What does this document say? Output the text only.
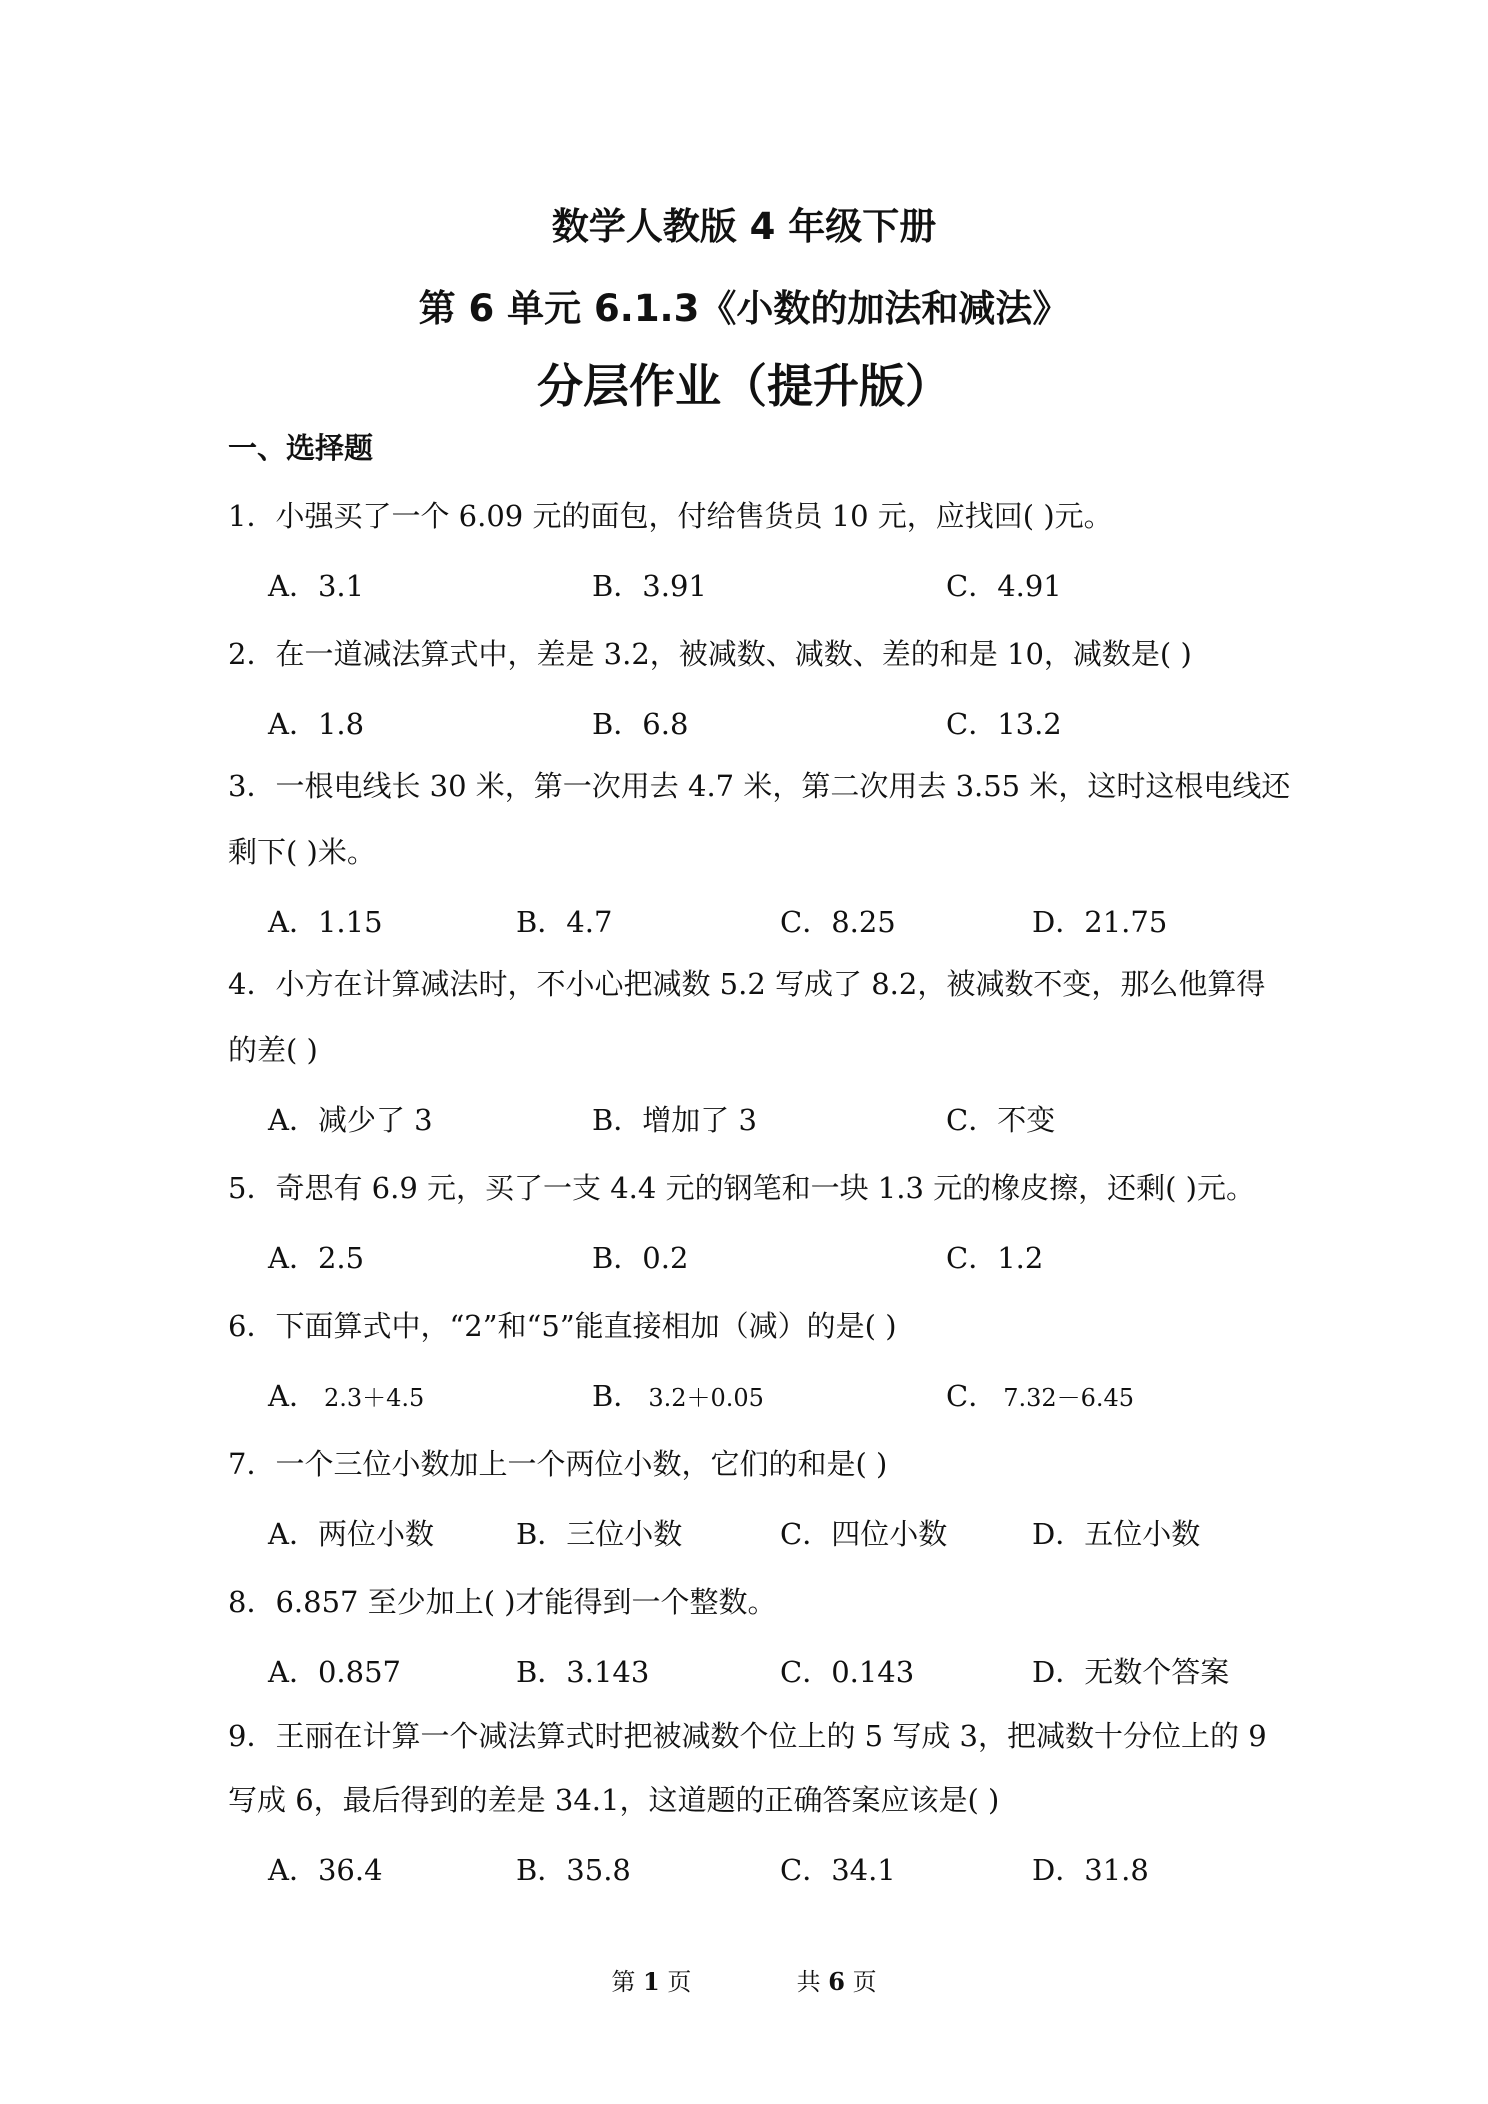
数学人教版 4 年级下册
第 6 单元 6.1.3《小数的加法和减法》
分层作业（提升版）
一、选择题
1．小强买了一个 6.09 元的面包，付给售货员 10 元，应找回( )元。
A．3.1	B．3.91	C．4.91
2．在一道减法算式中，差是 3.2，被减数、减数、差的和是 10，减数是( )
A．1.8	B．6.8	C．13.2
3．一根电线长 30 米，第一次用去 4.7 米，第二次用去 3.55 米，这时这根电线还
剩下( )米。
A．1.15	B．4.7	C．8.25	D．21.75
4．小方在计算减法时，不小心把减数 5.2 写成了 8.2，被减数不变，那么他算得
的差( )
A．减少了 3	B．增加了 3	C．不变
5．奇思有 6.9 元，买了一支 4.4 元的钢笔和一块 1.3 元的橡皮擦，还剩( )元。
A．2.5	B．0.2	C．1.2
6．下面算式中，“2”和“5”能直接相加（减）的是( )
A． 2.3＋4.5	B． 3.2＋0.05	C． 7.32－6.45
7．一个三位小数加上一个两位小数，它们的和是( )
A．两位小数	B．三位小数	C．四位小数	D．五位小数
8．6.857 至少加上( )才能得到一个整数。
A．0.857	B．3.143	C．0.143	D．无数个答案
9．王丽在计算一个减法算式时把被减数个位上的 5 写成 3，把减数十分位上的 9
写成 6，最后得到的差是 34.1，这道题的正确答案应该是( )
A．36.4	B．35.8	C．34.1	D．31.8
第 1 页	共 6 页
